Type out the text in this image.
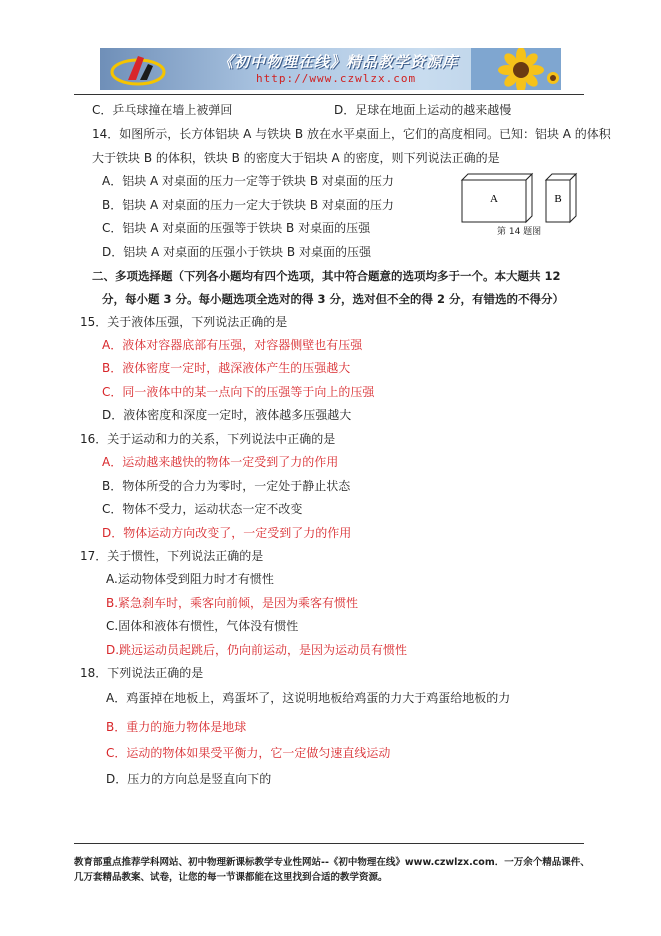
《初中物理在线》精品教学资源库
http://www.czwlzx.com
C．乒乓球撞在墙上被弹回	D．足球在地面上运动的越来越慢
14．如图所示，长方体铝块 A 与铁块 B 放在水平桌面上，它们的高度相同。已知：铝块 A 的体积
大于铁块 B 的体积，铁块 B 的密度大于铝块 A 的密度，则下列说法正确的是
A．铝块 A 对桌面的压力一定等于铁块 B 对桌面的压力
B．铝块 A 对桌面的压力一定大于铁块 B 对桌面的压力
C．铝块 A 对桌面的压强等于铁块 B 对桌面的压强
D．铝块 A 对桌面的压强小于铁块 B 对桌面的压强
A	B
第 14 题图
二、多项选择题（下列各小题均有四个选项，其中符合题意的选项均多于一个。本大题共 12
分，每小题 3 分。每小题选项全选对的得 3 分，选对但不全的得 2 分，有错选的不得分）
15．关于液体压强，下列说法正确的是
A．液体对容器底部有压强，对容器侧壁也有压强
B．液体密度一定时，越深液体产生的压强越大
C．同一液体中的某一点向下的压强等于向上的压强
D．液体密度和深度一定时，液体越多压强越大
16．关于运动和力的关系，下列说法中正确的是
A．运动越来越快的物体一定受到了力的作用
B．物体所受的合力为零时，一定处于静止状态
C．物体不受力，运动状态一定不改变
D．物体运动方向改变了，一定受到了力的作用
17．关于惯性，下列说法正确的是
A.运动物体受到阻力时才有惯性
B.紧急刹车时，乘客向前倾，是因为乘客有惯性
C.固体和液体有惯性，气体没有惯性
D.跳远运动员起跳后，仍向前运动，是因为运动员有惯性
18．下列说法正确的是
A．鸡蛋掉在地板上，鸡蛋坏了，这说明地板给鸡蛋的力大于鸡蛋给地板的力
B．重力的施力物体是地球
C．运动的物体如果受平衡力，它一定做匀速直线运动
D．压力的方向总是竖直向下的
教育部重点推荐学科网站、初中物理新课标教学专业性网站--《初中物理在线》www.czwlzx.com．一万余个精品课件、
几万套精品教案、试卷，让您的每一节课都能在这里找到合适的教学资源。
